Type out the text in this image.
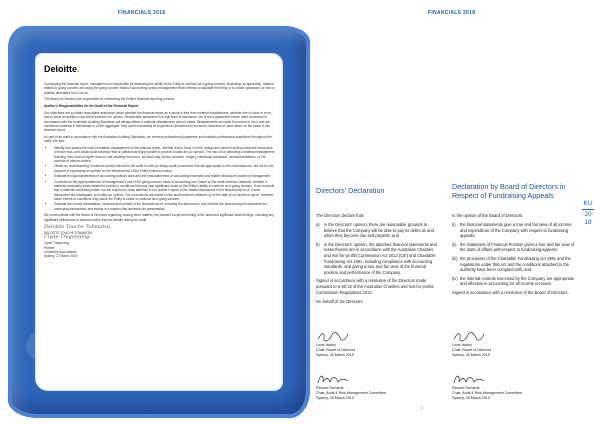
FINANCIALS 2018	FINANCIALS 2018
Deloitte.

In preparing the financial report, management is responsible for assessing the ability of the Entity to continue as a going concern, disclosing, as applicable, matters related to going concern and using the going concern basis of accounting unless management either intends to liquidate the Entity or to cease operations, or has no realistic alternative but to do so.

The Board of Directors are responsible for overseeing the Entity's financial reporting process.

Auditor's Responsibilities for the Audit of the Financial Report

Our objectives are to obtain reasonable assurance about whether the financial report as a whole is free from material misstatement, whether due to fraud or error, and to issue an auditor's report that includes our opinion. Reasonable assurance is a high level of assurance, but is not a guarantee that an audit conducted in accordance with the Australian Auditing Standards will always detect a material misstatement when it exists. Misstatements can arise from fraud or error and are considered material if, individually or in the aggregate, they could reasonably be expected to influence the economic decisions of users taken on the basis of this financial report.

As part of an audit in accordance with the Australian Auditing Standards, we exercise professional judgement and maintain professional scepticism throughout the audit. We also:

• Identify and assess the risks of material misstatement of the financial report, whether due to fraud or error, design and perform audit procedures responsive to those risks, and obtain audit evidence that is sufficient and appropriate to provide a basis for our opinion. The risk of not detecting a material misstatement resulting from fraud is higher than for one resulting from error, as fraud may involve collusion, forgery, intentional omissions, misrepresentations, or the override of internal control.
• Obtain an understanding of internal control relevant to the audit in order to design audit procedures that are appropriate in the circumstances, but not for the purpose of expressing an opinion on the effectiveness of the Entity's internal control.
• Evaluate the appropriateness of accounting policies used and the reasonableness of accounting estimates and related disclosures made by management.
• Conclude on the appropriateness of management's use of the going concern basis of accounting and, based on the audit evidence obtained, whether a material uncertainty exists related to events or conditions that may cast significant doubt on the Entity's ability to continue as a going concern. If we conclude that a material uncertainty exists, we are required to draw attention in our auditor's report to the related disclosures in the financial report or, if such disclosures are inadequate, to modify our opinion. Our conclusions are based on the audit evidence obtained up to the date of our auditor's report. However, future events or conditions may cause the Entity to cease to continue as a going concern.
• Evaluate the overall presentation, structure and content of the financial report, including the disclosures, and whether the financial report represents the underlying transactions and events in a manner that achieves fair presentation.

We communicate with the Board of Directors regarding, among other matters, the planned scope and timing of the audit and significant audit findings, including any significant deficiencies in internal control that we identify during our audit.

Deloitte Touche Tohmatsu
DELOITTE TOUCHE TOHMATSU
Clyde Tregonning
Clyde Tregonning
Partner
Chartered Accountants
Sydney, 27 March 2019
6
Directors' Declaration	Declaration by Board of Directors in Respect of Fundraising Appeals

The Directors declare that:

a)	in the Directors' opinion, there are reasonable grounds to believe that the Company will be able to pay its debts as and when they become due and payable; and
b)	in the Directors' opinion, the attached financial statements and notes thereto are in accordance with the Australian Charities and Not-for-profits Commission Act 2012 (Cth) and Charitable Fundraising Act 1991, including compliance with accounting standards, and giving a true and fair view of the financial position and performance of the Company.

Signed in accordance with a resolution of the Directors made pursuant to S.60.15 of the Australian Charities and Not-for-profits Commission Regulations 2013.

On behalf of the Directors

In the opinion of the Board of Directors:

(i)	the financial statements give a true and fair view of all income and expenditure of the Company with respect to fundraising appeals;
(ii) the Statement of Financial Position gives a true and fair view of the state of affairs with respect to fundraising appeals;
(iii) the provisions of the Charitable Fundraising Act 1991 and the regulations under that Act and the conditions attached to the authority have been complied with; and
(iv) the internal controls exercised by the Company are appropriate and effective in accounting for all income received.

Signed in accordance with a resolution of the Board of Directors.

Louis Hatley
Chair, Board of Directors
Sydney, 26 March 2019
Richard Richards
Chair, Audit & Risk Management Committee
Sydney, 26 March 2019
Louis Hatley
Chair, Board of Directors
Sydney, 26 March 2019
Richard Richards
Chair, Audit & Risk Management Committee
Sydney, 26 March 2019
KU
20
18
7
